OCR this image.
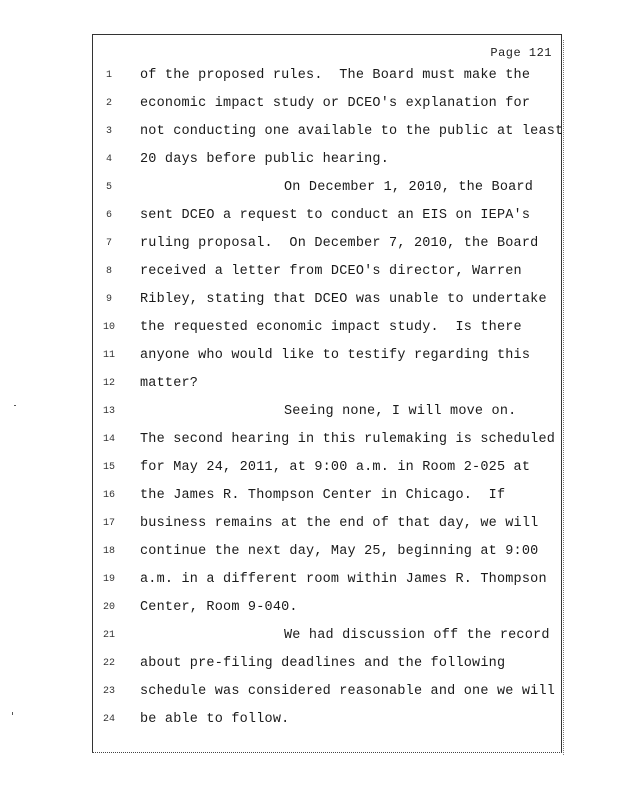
Page 121
1	of the proposed rules.  The Board must make the
2	economic impact study or DCEO's explanation for
3	not conducting one available to the public at least
4	20 days before public hearing.
5	On December 1, 2010, the Board
6	sent DCEO a request to conduct an EIS on IEPA's
7	ruling proposal.  On December 7, 2010, the Board
8	received a letter from DCEO's director, Warren
9	Ribley, stating that DCEO was unable to undertake
10	the requested economic impact study.  Is there
11	anyone who would like to testify regarding this
12	matter?
13	Seeing none, I will move on.
14	The second hearing in this rulemaking is scheduled
15	for May 24, 2011, at 9:00 a.m. in Room 2-025 at
16	the James R. Thompson Center in Chicago.  If
17	business remains at the end of that day, we will
18	continue the next day, May 25, beginning at 9:00
19	a.m. in a different room within James R. Thompson
20	Center, Room 9-040.
21	We had discussion off the record
22	about pre-filing deadlines and the following
23	schedule was considered reasonable and one we will
24	be able to follow.
